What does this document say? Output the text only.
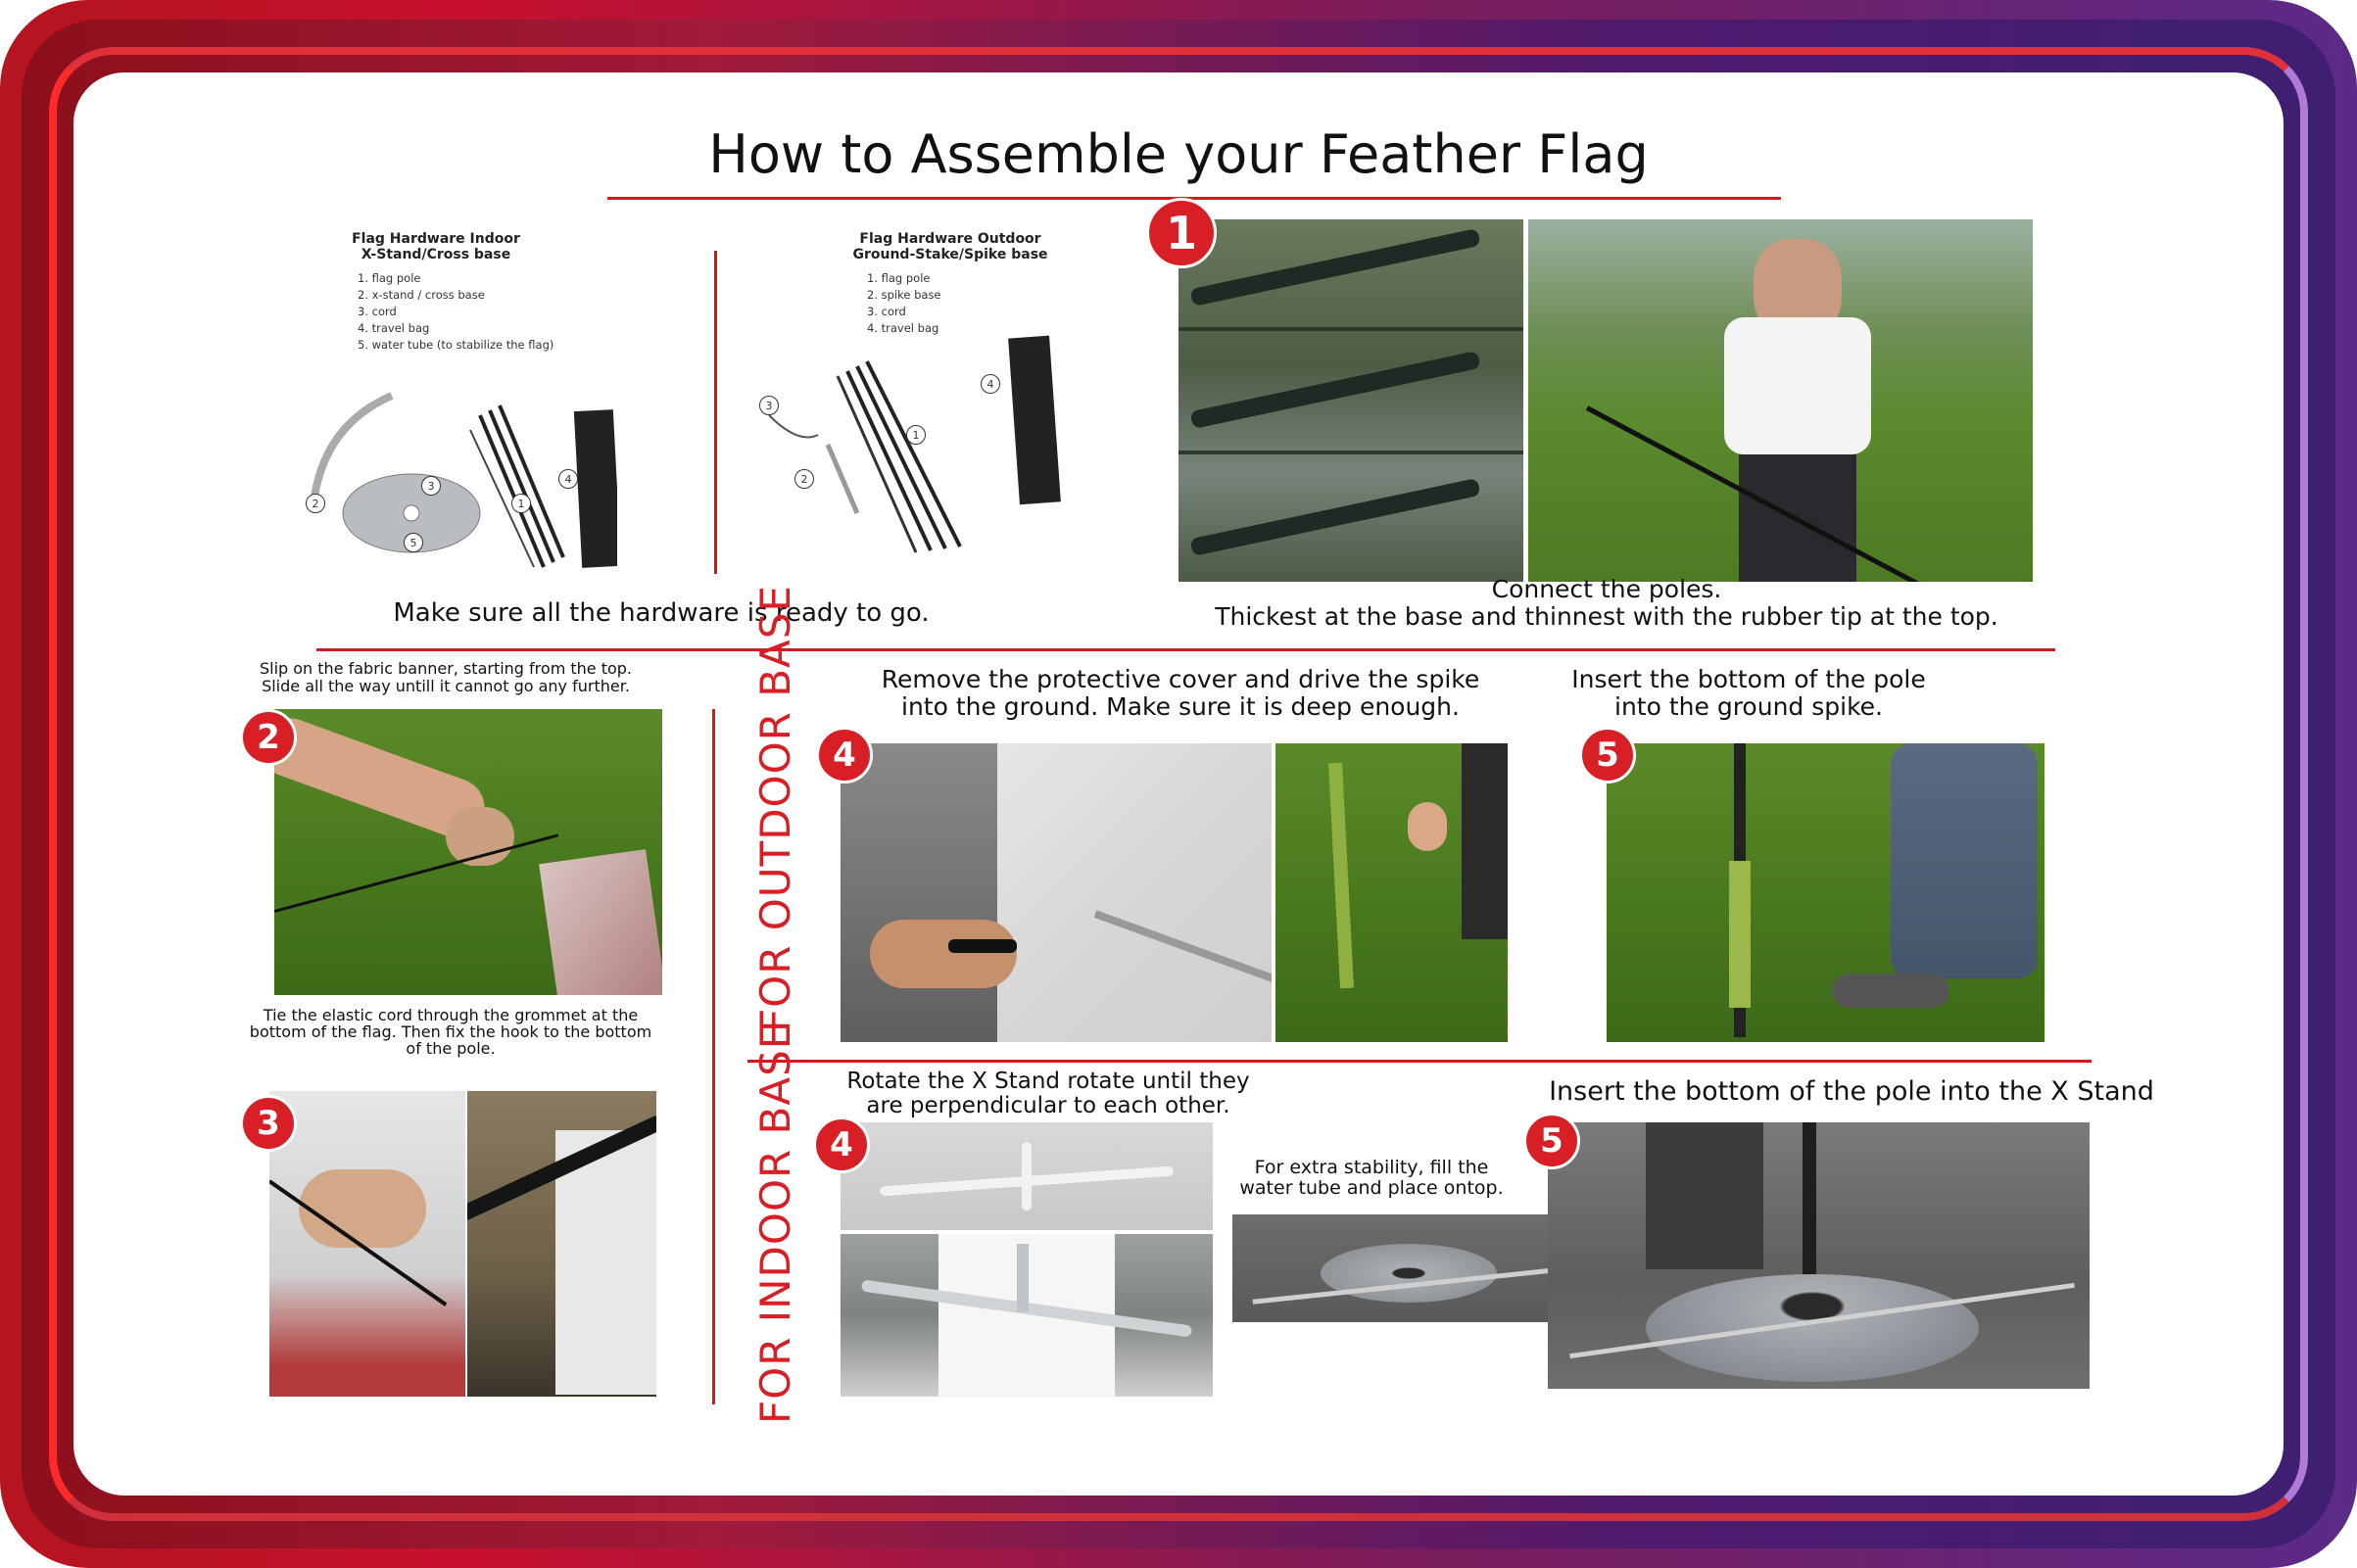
How to Assemble your Feather Flag
Flag Hardware Indoor
X-Stand/Cross base
1. flag pole
2. x-stand / cross base
3. cord
4. travel bag
5. water tube (to stabilize the flag)
2
3
1
4
5
Flag Hardware Outdoor
Ground-Stake/Spike base
1. flag pole
2. spike base
3. cord
4. travel bag
2
3
1
4
Make sure all the hardware is ready to go.
1
Connect the poles.
Thickest at the base and thinnest with the rubber tip at the top.
Slip on the fabric banner, starting from the top.
Slide all the way untill it cannot go any further.
2
Tie the elastic cord through the grommet at the
bottom of the flag. Then fix the hook to the bottom
of the pole.
3
FOR OUTDOOR BASE	Remove the protective cover and drive the spike
into the ground. Make sure it is deep enough.
4
Insert the bottom of the pole
into the ground spike.
5
FOR INDOOR BASE	Rotate the X Stand rotate until they
are perpendicular to each other.
4
For extra stability, fill the
water tube and place ontop.
Insert the bottom of the pole into the X Stand
5
